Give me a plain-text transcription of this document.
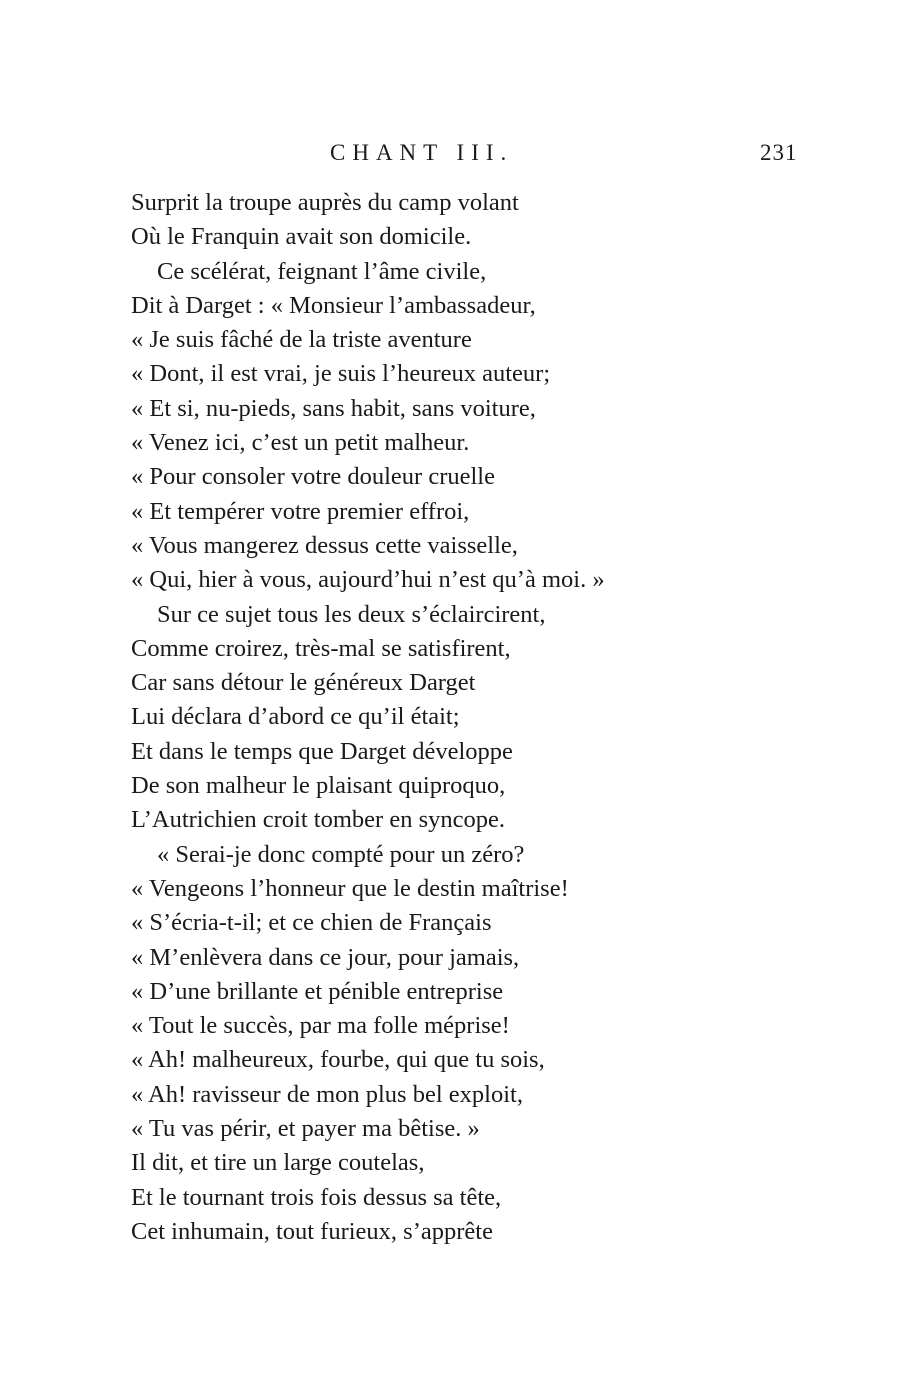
CHANT III.	231
Surprit la troupe auprès du camp volant
Où le Franquin avait son domicile.
Ce scélérat, feignant l’âme civile,
Dit à Darget : « Monsieur l’ambassadeur,
« Je suis fâché de la triste aventure
« Dont, il est vrai, je suis l’heureux auteur;
« Et si, nu-pieds, sans habit, sans voiture,
« Venez ici, c’est un petit malheur.
« Pour consoler votre douleur cruelle
« Et tempérer votre premier effroi,
« Vous mangerez dessus cette vaisselle,
« Qui, hier à vous, aujourd’hui n’est qu’à moi. »
Sur ce sujet tous les deux s’éclaircirent,
Comme croirez, très-mal se satisfirent,
Car sans détour le généreux Darget
Lui déclara d’abord ce qu’il était;
Et dans le temps que Darget développe
De son malheur le plaisant quiproquo,
L’Autrichien croit tomber en syncope.
« Serai-je donc compté pour un zéro?
« Vengeons l’honneur que le destin maîtrise!
« S’écria-t-il; et ce chien de Français
« M’enlèvera dans ce jour, pour jamais,
« D’une brillante et pénible entreprise
« Tout le succès, par ma folle méprise!
« Ah! malheureux, fourbe, qui que tu sois,
« Ah! ravisseur de mon plus bel exploit,
« Tu vas périr, et payer ma bêtise. »
Il dit, et tire un large coutelas,
Et le tournant trois fois dessus sa tête,
Cet inhumain, tout furieux, s’apprête
